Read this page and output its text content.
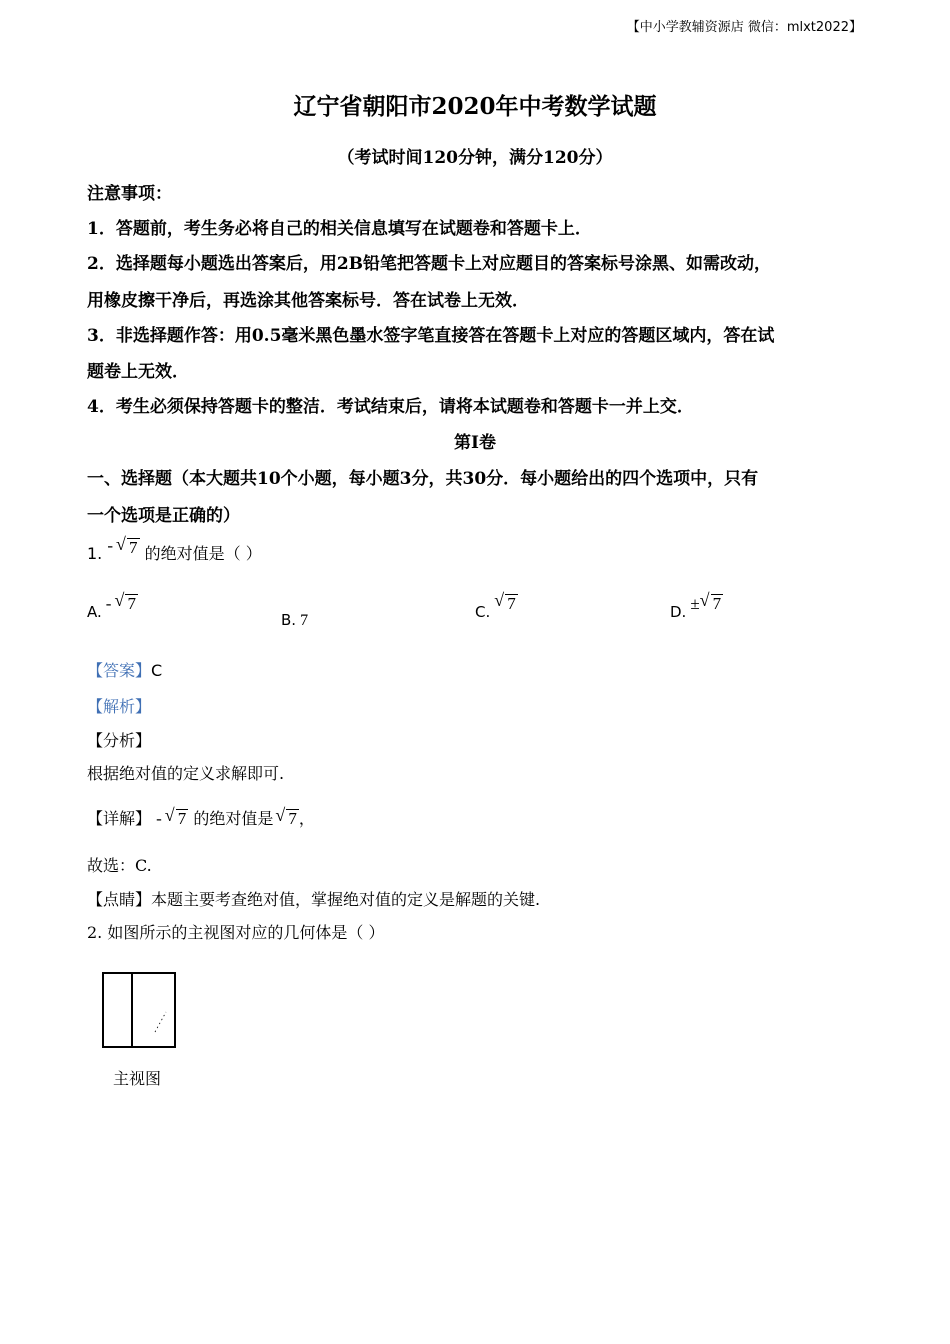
【中小学教辅资源店 微信：mlxt2022】
辽宁省朝阳市2020年中考数学试题
（考试时间120分钟，满分120分）
注意事项：
1．答题前，考生务必将自己的相关信息填写在试题卷和答题卡上．
2．选择题每小题选出答案后，用2B铅笔把答题卡上对应题目的答案标号涂黑、如需改动，
用橡皮擦干净后，再选涂其他答案标号．答在试卷上无效．
3．非选择题作答：用0.5毫米黑色墨水签字笔直接答在答题卡上对应的答题区域内，答在试
题卷上无效．
4．考生必须保持答题卡的整洁．考试结束后，请将本试题卷和答题卡一并上交．
第I卷
一、选择题（本大题共10个小题，每小题3分，共30分．每小题给出的四个选项中，只有
一个选项是正确的）
1. - √ 7 的绝对值是（ ）
A. - √ 7
B. 7	C.
√ 7	D. ± √ 7
【答案】C
【解析】
【分析】
根据绝对值的定义求解即可.
【详解】 - √ 7 的绝对值是 √ 7 ，
故选：C.
【点睛】本题主要考查绝对值，掌握绝对值的定义是解题的关键.
2. 如图所示的主视图对应的几何体是（ ）
主视图
